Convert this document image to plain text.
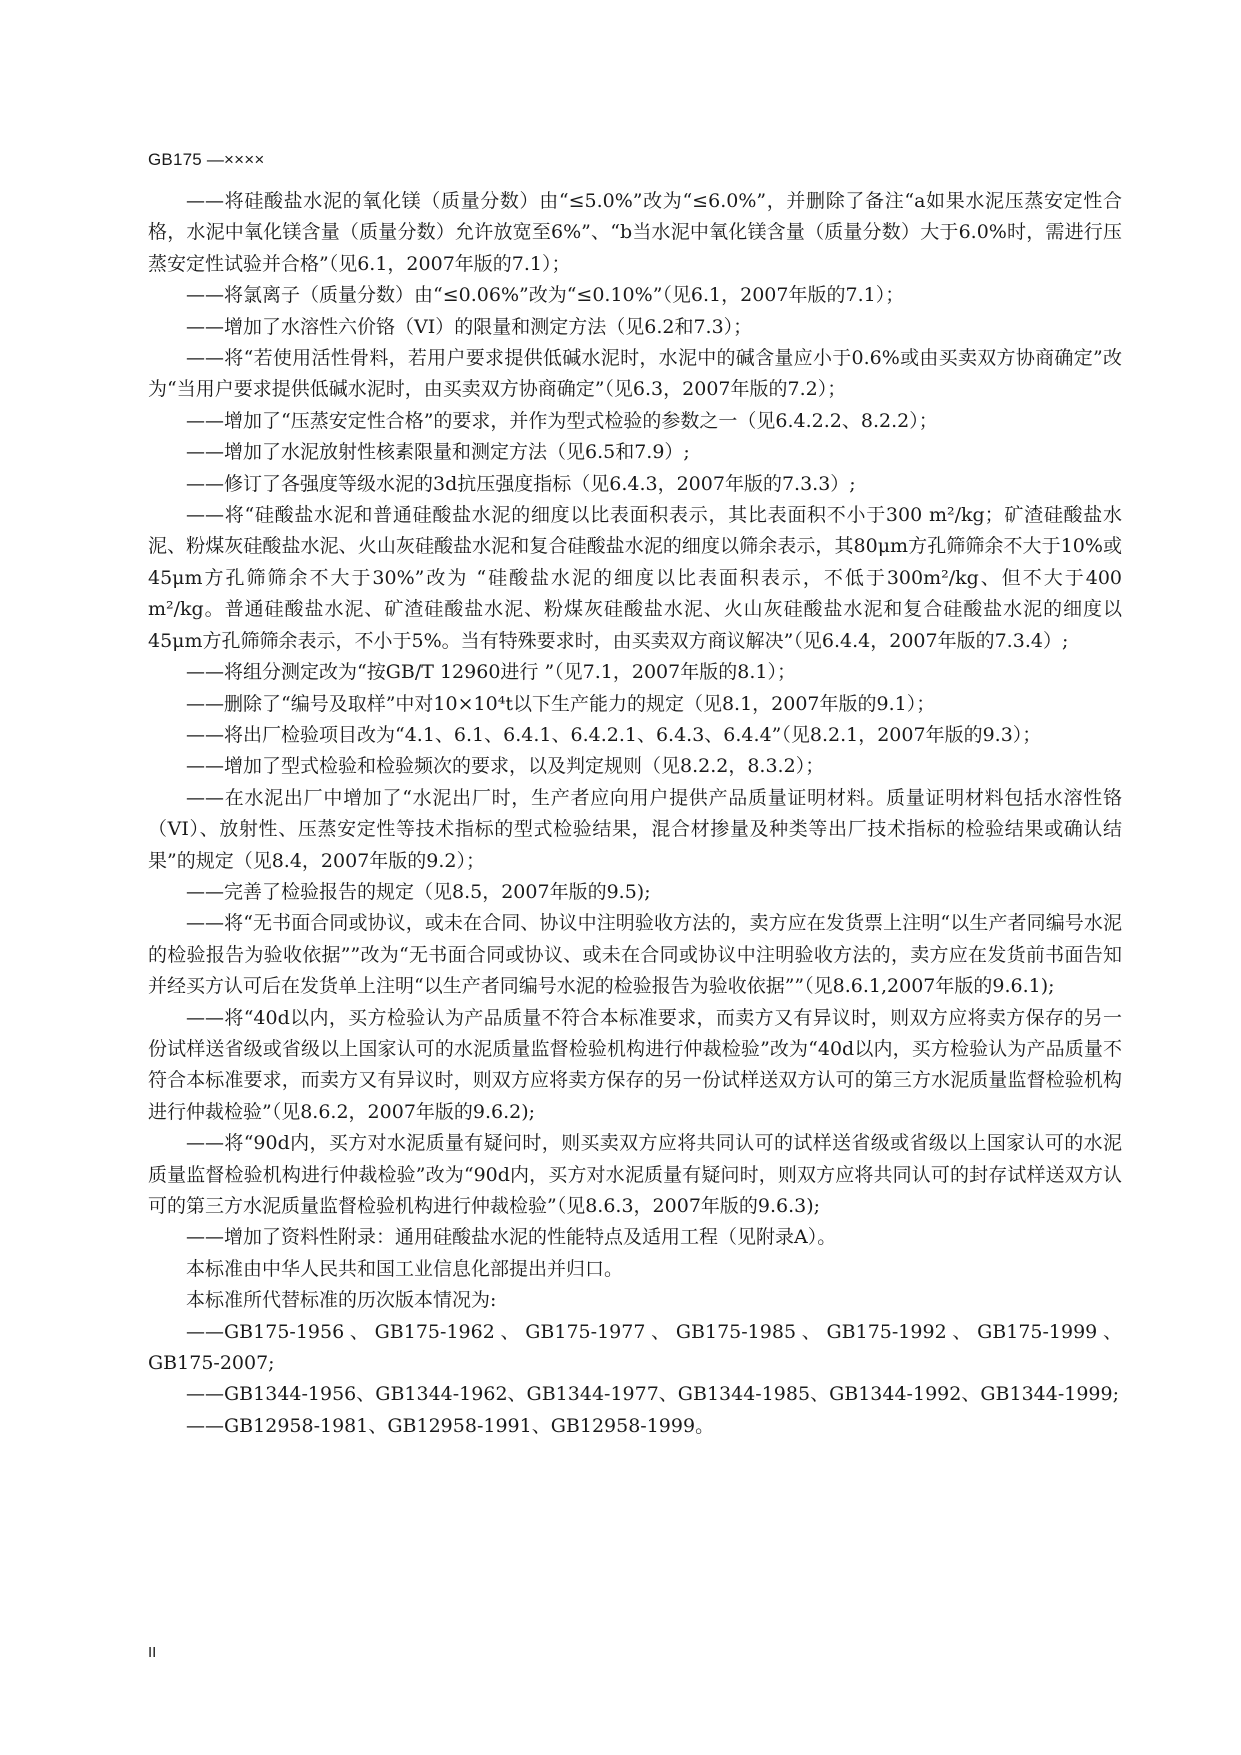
GB175 —××××

——将硅酸盐水泥的氧化镁（质量分数）由“≤5.0%”改为“≤6.0%”，并删除了备注“a如果水泥压蒸安定性合格，水泥中氧化镁含量（质量分数）允许放宽至6%”、“b当水泥中氧化镁含量（质量分数）大于6.0%时，需进行压蒸安定性试验并合格”（见6.1，2007年版的7.1）；

——将氯离子（质量分数）由“≤0.06%”改为“≤0.10%”（见6.1，2007年版的7.1）；

——增加了水溶性六价铬（VI）的限量和测定方法（见6.2和7.3）；

——将“若使用活性骨料，若用户要求提供低碱水泥时，水泥中的碱含量应小于0.6%或由买卖双方协商确定”改为“当用户要求提供低碱水泥时，由买卖双方协商确定”（见6.3，2007年版的7.2）；

——增加了“压蒸安定性合格”的要求，并作为型式检验的参数之一（见6.4.2.2、8.2.2）；

——增加了水泥放射性核素限量和测定方法（见6.5和7.9）;

——修订了各强度等级水泥的3d抗压强度指标（见6.4.3，2007年版的7.3.3）;

——将“硅酸盐水泥和普通硅酸盐水泥的细度以比表面积表示，其比表面积不小于300 m²/kg；矿渣硅酸盐水泥、粉煤灰硅酸盐水泥、火山灰硅酸盐水泥和复合硅酸盐水泥的细度以筛余表示，其80μm方孔筛筛余不大于10%或45μm方孔筛筛余不大于30%”改为 “硅酸盐水泥的细度以比表面积表示，不低于300m²/kg、但不大于400 m²/kg。普通硅酸盐水泥、矿渣硅酸盐水泥、粉煤灰硅酸盐水泥、火山灰硅酸盐水泥和复合硅酸盐水泥的细度以45μm方孔筛筛余表示，不小于5%。当有特殊要求时，由买卖双方商议解决”（见6.4.4，2007年版的7.3.4）;

——将组分测定改为“按GB/T 12960进行 ”（见7.1，2007年版的8.1）；

——删除了“编号及取样”中对10×10⁴t以下生产能力的规定（见8.1，2007年版的9.1）；

——将出厂检验项目改为“4.1、6.1、6.4.1、6.4.2.1、6.4.3、6.4.4”（见8.2.1，2007年版的9.3）；

——增加了型式检验和检验频次的要求，以及判定规则（见8.2.2，8.3.2）；

——在水泥出厂中增加了“水泥出厂时，生产者应向用户提供产品质量证明材料。质量证明材料包括水溶性铬（VI）、放射性、压蒸安定性等技术指标的型式检验结果，混合材掺量及种类等出厂技术指标的检验结果或确认结果”的规定（见8.4，2007年版的9.2）；

——完善了检验报告的规定（见8.5，2007年版的9.5);

——将“无书面合同或协议，或未在合同、协议中注明验收方法的，卖方应在发货票上注明“以生产者同编号水泥的检验报告为验收依据””改为“无书面合同或协议、或未在合同或协议中注明验收方法的，卖方应在发货前书面告知并经买方认可后在发货单上注明“以生产者同编号水泥的检验报告为验收依据””（见8.6.1,2007年版的9.6.1);

——将“40d以内，买方检验认为产品质量不符合本标准要求，而卖方又有异议时，则双方应将卖方保存的另一份试样送省级或省级以上国家认可的水泥质量监督检验机构进行仲裁检验”改为“40d以内，买方检验认为产品质量不符合本标准要求，而卖方又有异议时，则双方应将卖方保存的另一份试样送双方认可的第三方水泥质量监督检验机构进行仲裁检验”（见8.6.2，2007年版的9.6.2);

——将“90d内，买方对水泥质量有疑问时，则买卖双方应将共同认可的试样送省级或省级以上国家认可的水泥质量监督检验机构进行仲裁检验”改为“90d内，买方对水泥质量有疑问时，则双方应将共同认可的封存试样送双方认可的第三方水泥质量监督检验机构进行仲裁检验”（见8.6.3，2007年版的9.6.3);

——增加了资料性附录：通用硅酸盐水泥的性能特点及适用工程（见附录A）。

本标准由中华人民共和国工业信息化部提出并归口。

本标准所代替标准的历次版本情况为:

——GB175-1956、GB175-1962、GB175-1977、GB175-1985、GB175-1992、GB175-1999、GB175-2007;

——GB1344-1956、GB1344-1962、GB1344-1977、GB1344-1985、GB1344-1992、GB1344-1999;

——GB12958-1981、GB12958-1991、GB12958-1999。

II
